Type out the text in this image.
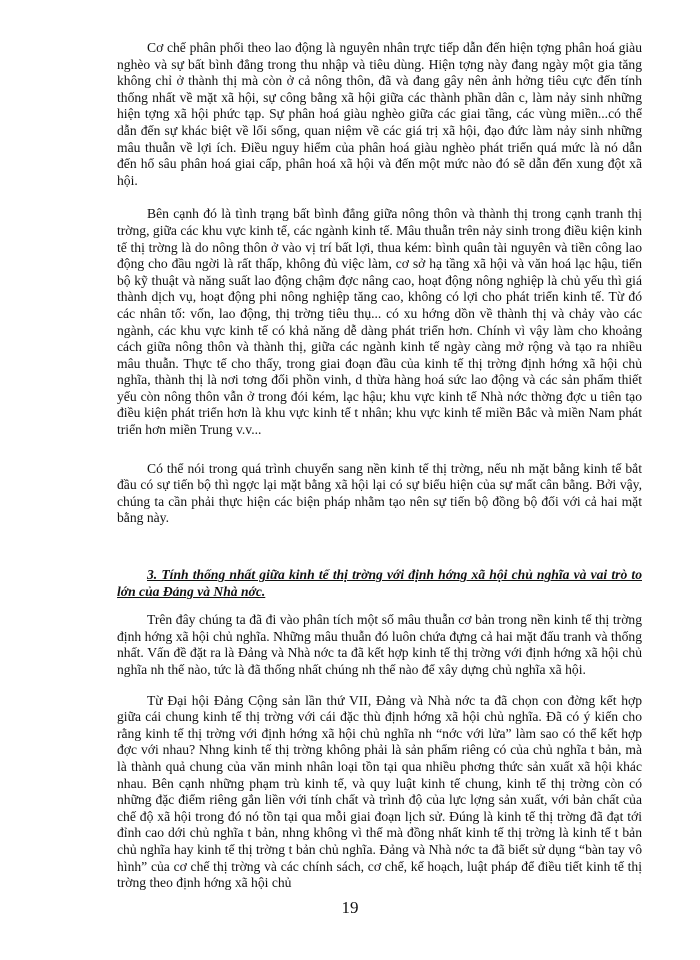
Cơ chế phân phối theo lao động là nguyên nhân trực tiếp dẫn đến hiện tợng phân hoá giàu nghèo và sự bất bình đẳng trong thu nhập và tiêu dùng. Hiện tợng này đang ngày một gia tăng không chỉ ở thành thị mà còn ở cả nông thôn, đã và đang gây nên ảnh hởng tiêu cực đến tính thống nhất về mặt xã hội, sự công bằng xã hội giữa các thành phần dân c, làm nảy sinh những hiện tợng xã hội phức tạp. Sự phân hoá giàu nghèo giữa các giai tầng, các vùng miền...có thể dẫn đến sự khác biệt về lối sống, quan niệm về các giá trị xã hội, đạo đức làm nảy sinh những mâu thuẫn về lợi ích. Điều nguy hiểm của phân hoá giàu nghèo phát triển quá mức là nó dẫn đến hố sâu phân hoá giai cấp, phân hoá xã hội và đến một mức nào đó sẽ dẫn đến xung đột xã hội.

Bên cạnh đó là tình trạng bất bình đẳng giữa nông thôn và thành thị trong cạnh tranh thị trờng, giữa các khu vực kinh tế, các ngành kinh tế. Mâu thuẫn trên nảy sinh trong điều kiện kinh tế thị trờng là do nông thôn ở vào vị trí bất lợi, thua kém: bình quân tài nguyên và tiền công lao động cho đầu ngời là rất thấp, không đủ việc làm, cơ sở hạ tầng xã hội và văn hoá lạc hậu, tiến bộ kỹ thuật và năng suất lao động chậm đợc nâng cao, hoạt động nông nghiệp là chủ yếu thì giá thành dịch vụ, hoạt động phi nông nghiệp tăng cao, không có lợi cho phát triển kinh tế. Từ đó các nhân tố: vốn, lao động, thị trờng tiêu thụ... có xu hớng dồn về thành thị và chảy vào các ngành, các khu vực kinh tế có khả năng dễ dàng phát triển hơn. Chính vì vậy làm cho khoảng cách giữa nông thôn và thành thị, giữa các ngành kinh tế ngày càng mở rộng và tạo ra nhiều mâu thuẫn. Thực tế cho thấy, trong giai đoạn đầu của kinh tế thị trờng định hớng xã hội chủ nghĩa, thành thị là nơi tơng đối phồn vinh, d thừa hàng hoá sức lao động và các sản phẩm thiết yếu còn nông thôn vẫn ở trong đói kém, lạc hậu; khu vực kinh tế Nhà nớc thờng đợc u tiên tạo điều kiện phát triển hơn là khu vực kinh tế t nhân; khu vực kinh tế miền Bắc và miền Nam phát triển hơn miền Trung v.v...

Có thể nói trong quá trình chuyển sang nền kinh tế thị trờng, nếu nh mặt bằng kinh tế bắt đầu có sự tiến bộ thì ngợc lại mặt bằng xã hội lại có sự biểu hiện của sự mất cân bằng. Bởi vậy, chúng ta cần phải thực hiện các biện pháp nhằm tạo nên sự tiến bộ đồng bộ đối với cả hai mặt bằng này.

3. Tính thống nhất giữa kinh tế thị trờng với định hớng xã hội chủ nghĩa và vai trò to lớn của Đảng và Nhà nớc.

Trên đây chúng ta đã đi vào phân tích một số mâu thuẫn cơ bản trong nền kinh tế thị trờng định hớng xã hội chủ nghĩa. Những mâu thuẫn đó luôn chứa đựng cả hai mặt đấu tranh và thống nhất. Vấn đề đặt ra là Đảng và Nhà nớc ta đã kết hợp kinh tế thị trờng với định hớng xã hội chủ nghĩa nh thế nào, tức là đã thống nhất chúng nh thế nào để xây dựng chủ nghĩa xã hội.

Từ Đại hội Đảng Cộng sản lần thứ VII, Đảng và Nhà nớc ta đã chọn con đờng kết hợp giữa cái chung kinh tế thị trờng với cái đặc thù định hớng xã hội chủ nghĩa. Đã có ý kiến cho rằng kinh tế thị trờng với định hớng xã hội chủ nghĩa nh “nớc với lửa” làm sao có thể kết hợp đợc với nhau? Nhng kinh tế thị trờng không phải là sản phẩm riêng có của chủ nghĩa t bản, mà là thành quả chung của văn minh nhân loại tồn tại qua nhiều phơng thức sản xuất xã hội khác nhau. Bên cạnh những phạm trù kinh tế, và quy luật kinh tế chung, kinh tế thị trờng còn có những đặc điểm riêng gắn liền với tính chất và trình độ của lực lợng sản xuất, với bản chất của chế độ xã hội trong đó nó tồn tại qua mỗi giai đoạn lịch sử. Đúng là kinh tế thị trờng đã đạt tới đỉnh cao dới chủ nghĩa t bản, nhng không vì thế mà đồng nhất kinh tế thị trờng là kinh tế t bản chủ nghĩa hay kinh tế thị trờng t bản chủ nghĩa. Đảng và Nhà nớc ta đã biết sử dụng “bàn tay vô hình” của cơ chế thị trờng và các chính sách, cơ chế, kế hoạch, luật pháp để điều tiết kinh tế thị trờng theo định hớng xã hội chủ

19
